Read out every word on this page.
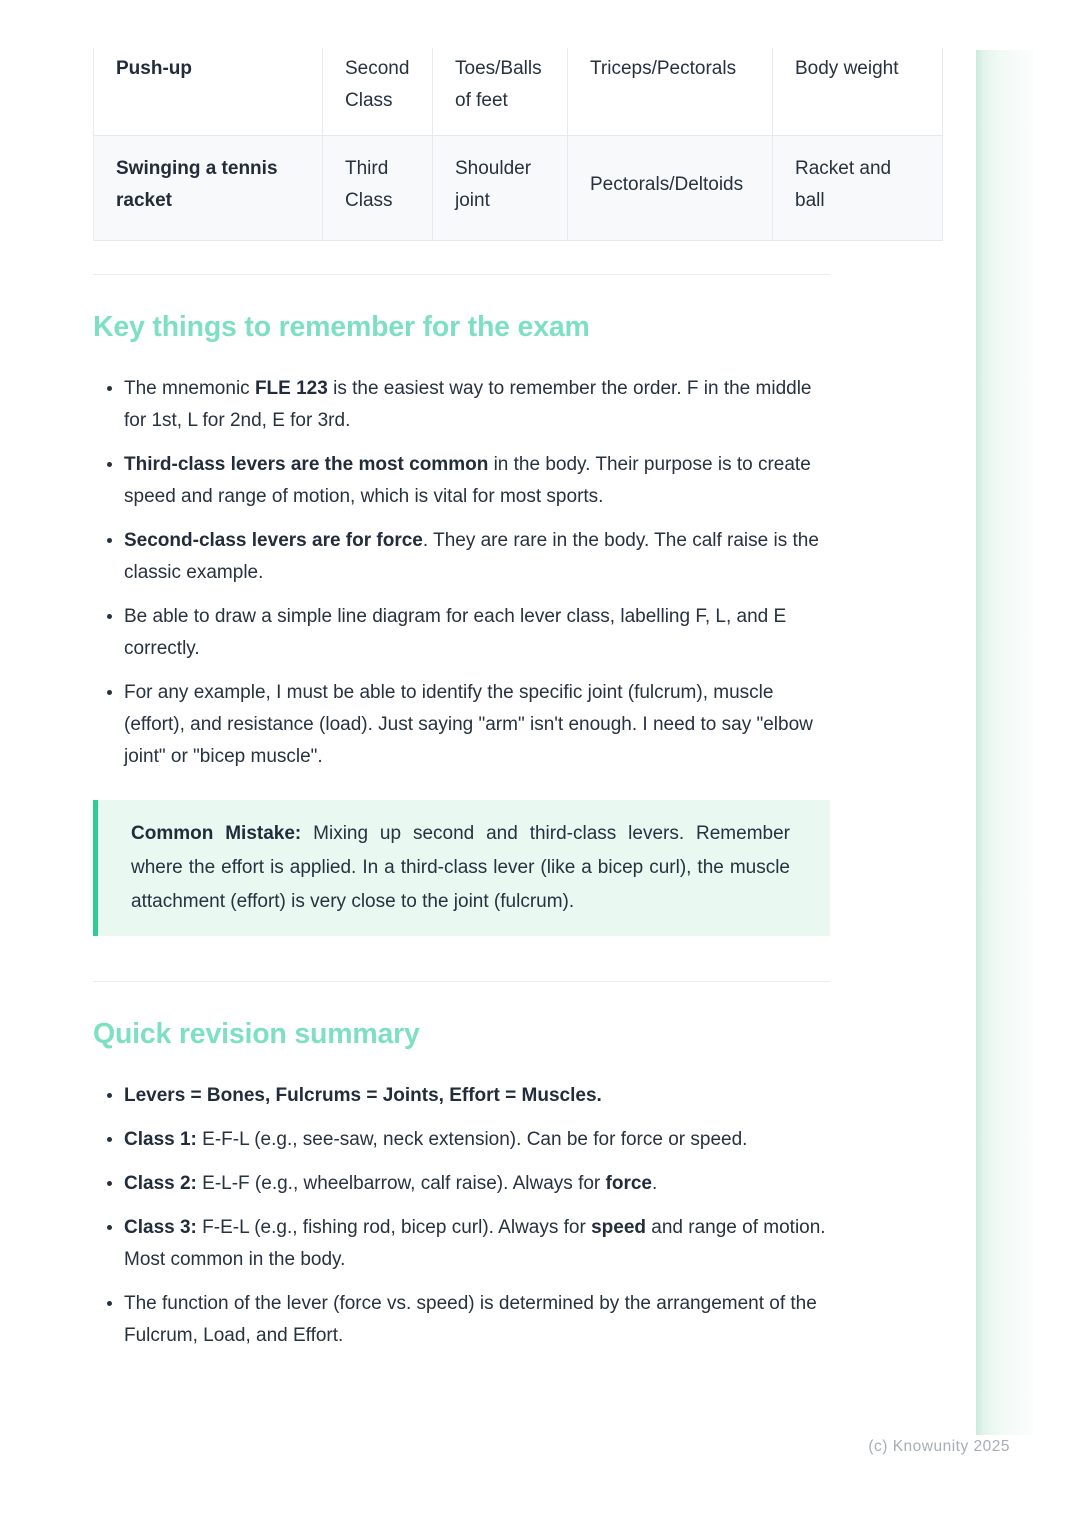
Push-up	Second Class	Toes/Balls of feet	Triceps/Pectorals	Body weight
Swinging a tennis racket	Third Class	Shoulder joint	Pectorals/Deltoids	Racket and ball
Key things to remember for the exam
• The mnemonic FLE 123 is the easiest way to remember the order. F in the middle for 1st, L for 2nd, E for 3rd.
• Third-class levers are the most common in the body. Their purpose is to create speed and range of motion, which is vital for most sports.
• Second-class levers are for force. They are rare in the body. The calf raise is the classic example.
• Be able to draw a simple line diagram for each lever class, labelling F, L, and E correctly.
• For any example, I must be able to identify the specific joint (fulcrum), muscle (effort), and resistance (load). Just saying "arm" isn't enough. I need to say "elbow joint" or "bicep muscle".

Common Mistake: Mixing up second and third-class levers. Remember where the effort is applied. In a third-class lever (like a bicep curl), the muscle attachment (effort) is very close to the joint (fulcrum).

Quick revision summary
• Levers = Bones, Fulcrums = Joints, Effort = Muscles.
• Class 1: E-F-L (e.g., see-saw, neck extension). Can be for force or speed.
• Class 2: E-L-F (e.g., wheelbarrow, calf raise). Always for force.
• Class 3: F-E-L (e.g., fishing rod, bicep curl). Always for speed and range of motion. Most common in the body.
• The function of the lever (force vs. speed) is determined by the arrangement of the Fulcrum, Load, and Effort.
(c) Knowunity 2025
